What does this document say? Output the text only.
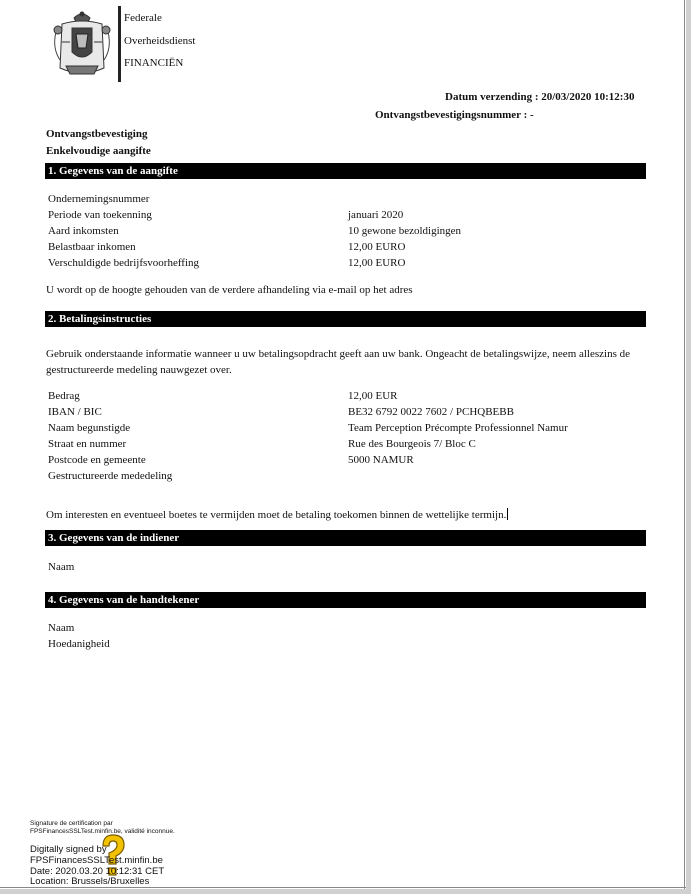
Federale
Overheidsdienst
FINANCIËN
Datum verzending : 20/03/2020 10:12:30
Ontvangstbevestigingsnummer : -
Ontvangstbevestiging
Enkelvoudige aangifte
1. Gegevens van de aangifte
Ondernemingsnummer
Periode van toekenning	januari 2020
Aard inkomsten	10 gewone bezoldigingen
Belastbaar inkomen	12,00 EURO
Verschuldigde bedrijfsvoorheffing	12,00 EURO
U wordt op de hoogte gehouden van de verdere afhandeling via e-mail op het adres
2. Betalingsinstructies
Gebruik onderstaande informatie wanneer u uw betalingsopdracht geeft aan uw bank. Ongeacht de betalingswijze, neem alleszins de gestructureerde medeling nauwgezet over.
Bedrag	12,00 EUR
IBAN / BIC	BE32 6792 0022 7602 / PCHQBEBB
Naam begunstigde	Team Perception Précompte Professionnel Namur
Straat en nummer	Rue des Bourgeois 7/ Bloc C
Postcode en gemeente	5000 NAMUR
Gestructureerde mededeling
Om interesten en eventueel boetes te vermijden moet de betaling toekomen binnen de wettelijke termijn.
3. Gegevens van de indiener
Naam
4. Gegevens van de handtekener
Naam
Hoedanigheid
Signature de certification par
FPSFinancesSSLTest.minfin.be, validité inconnue.
Digitally signed by
FPSFinancesSSLTest.minfin.be
Date: 2020.03.20 10:12:31 CET
Location: Brussels/Bruxelles
